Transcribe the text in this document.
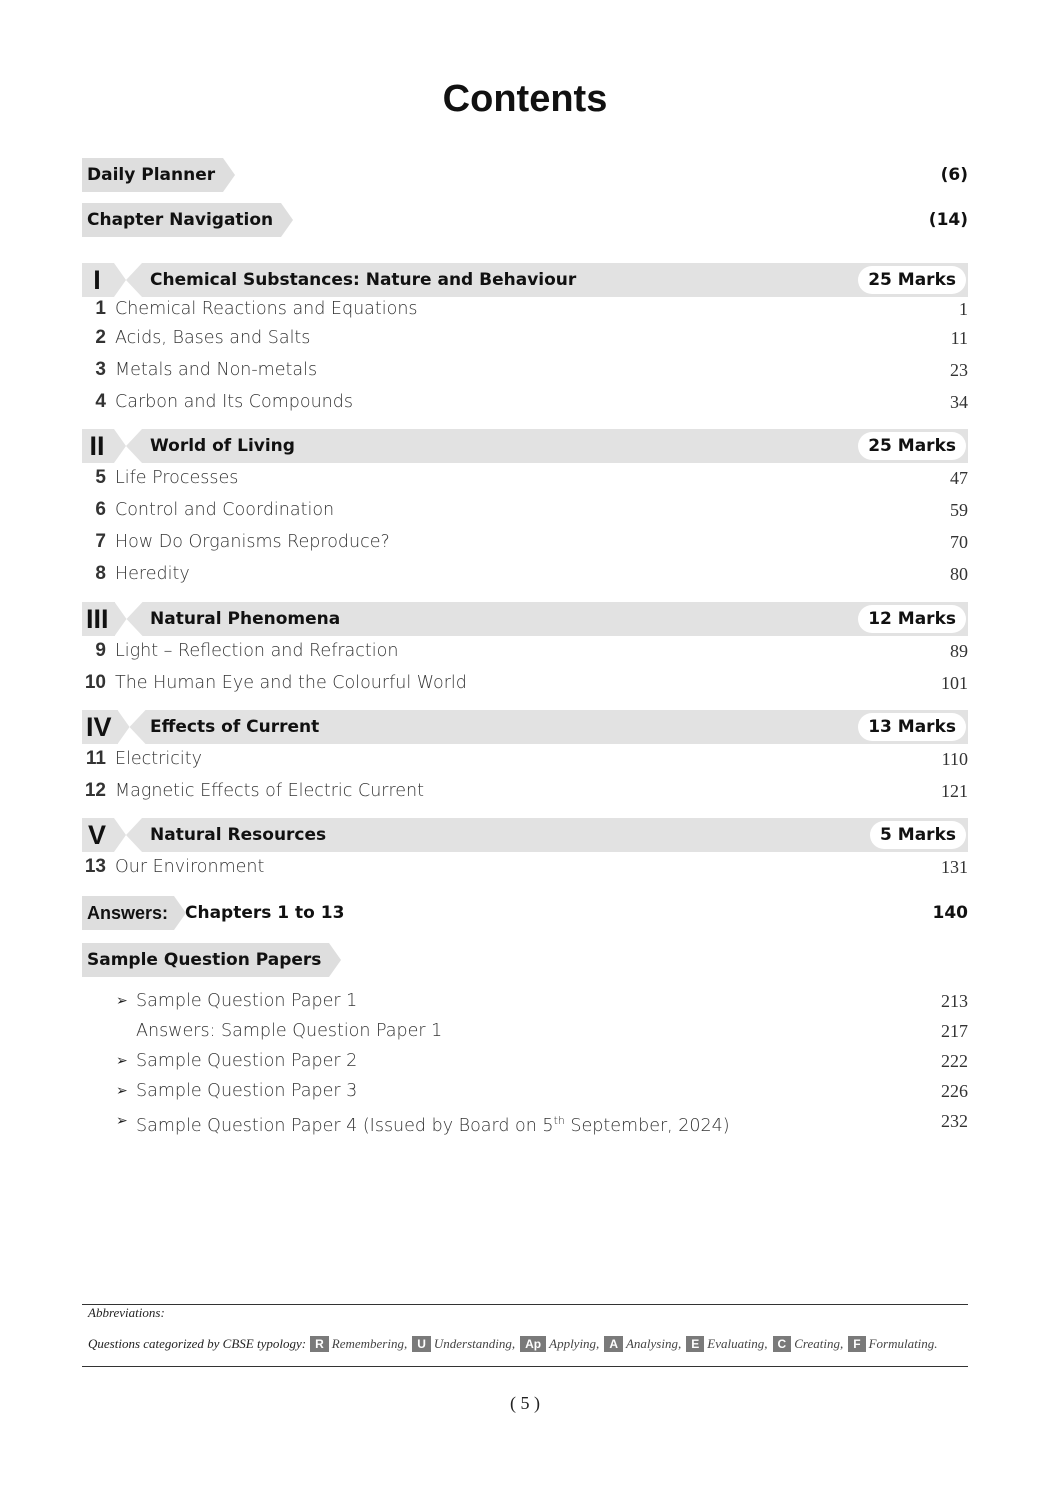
Contents
Daily Planner	(6)
Chapter Navigation	(14)
I	Chemical Substances: Nature and Behaviour	25 Marks
1 Chemical Reactions and Equations	1
2 Acids, Bases and Salts	11
3 Metals and Non-metals	23
4 Carbon and Its Compounds	34
II	World of Living	25 Marks
5 Life Processes	47
6 Control and Coordination	59
7 How Do Organisms Reproduce?	70
8 Heredity	80
III Natural Phenomena	12 Marks
9 Light – Reflection and Refraction	89
10 The Human Eye and the Colourful World	101
IV Effects of Current	13 Marks
11 Electricity	110
12 Magnetic Effects of Electric Current	121
V	Natural Resources	5 Marks
13 Our Environment	131
Answers: Chapters 1 to 13	140
Sample Question Papers
➢ Sample Question Paper 1	213
Answers: Sample Question Paper 1	217
➢ Sample Question Paper 2	222
➢ Sample Question Paper 3	226
➢ Sample Question Paper 4 (Issued by Board on 5th September, 2024)	232
Abbreviations:
Questions categorized by CBSE typology: R Remembering, U Understanding, Ap Applying, A Analysing, E Evaluating, C Creating, F Formulating.
( 5 )
